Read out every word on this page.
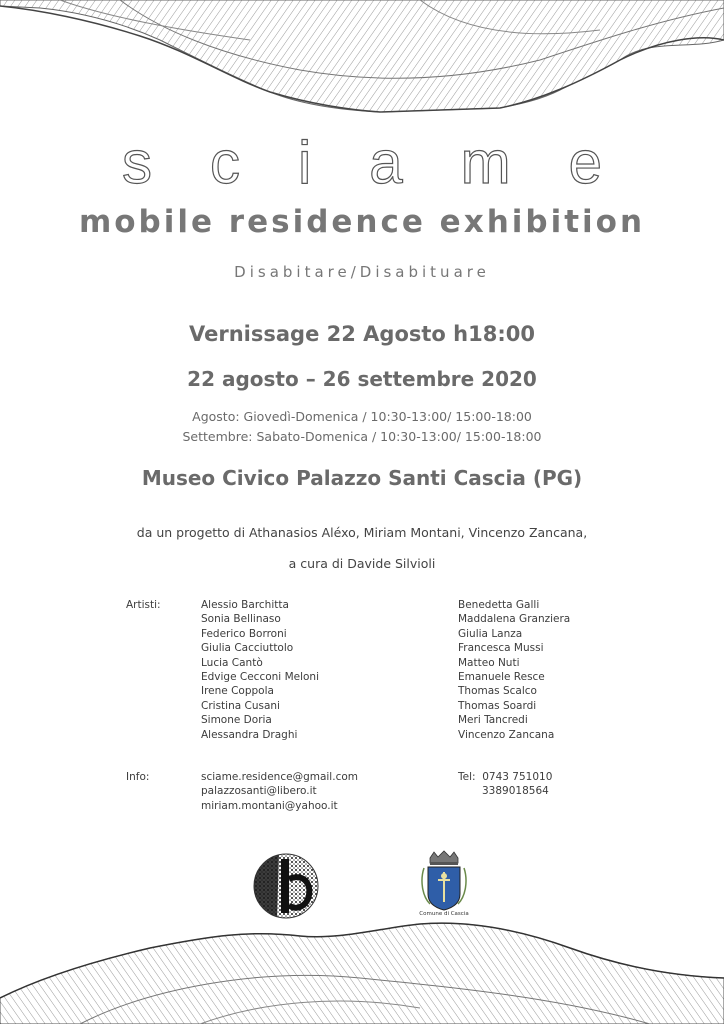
sciame
mobile residence exhibition
Disabitare/Disabituare
Vernissage 22 Agosto h18:00
22 agosto – 26 settembre 2020
Agosto: Giovedì-Domenica / 10:30-13:00/ 15:00-18:00
Settembre: Sabato-Domenica / 10:30-13:00/ 15:00-18:00
Museo Civico Palazzo Santi Cascia (PG)
da un progetto di Athanasios Aléxo, Miriam Montani, Vincenzo Zancana,
a cura di Davide Silvioli
Artisti:	Alessio Barchitta
Sonia Bellinaso
Federico Borroni
Giulia Cacciuttolo
Lucia Cantò
Edvige Cecconi Meloni
Irene Coppola
Cristina Cusani
Simone Doria
Alessandra Draghi
Benedetta Galli
Maddalena Granziera
Giulia Lanza
Francesca Mussi
Matteo Nuti
Emanuele Resce
Thomas Scalco
Thomas Soardi
Meri Tancredi
Vincenzo Zancana
Info:	sciame.residence@gmail.com
palazzosanti@libero.it
miriam.montani@yahoo.it
Tel: 0743 751010
3389018564
Comune di Cascia
